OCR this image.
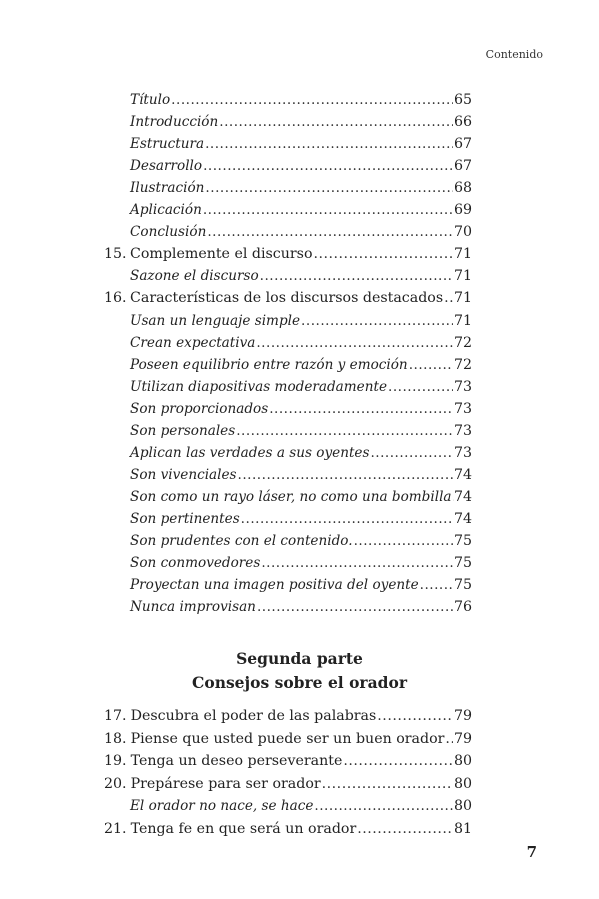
Contenido
Título .....	65
Introducción .....	66
Estructura .....	67
Desarrollo .....	67
Ilustración .....	68
Aplicación .....	69
Conclusión .....	70
15. Complemente el discurso .....	71
Sazone el discurso .....	71
16. Características de los discursos destacados ..... 71
Usan un lenguaje simple .....	71
Crean expectativa .....	72
Poseen equilibrio entre razón y emoción .....	72
Utilizan diapositivas moderadamente .....	73
Son proporcionados .....	73
Son personales .....	73
Aplican las verdades a sus oyentes .....	73
Son vivenciales .....	74
Son como un rayo láser, no como una bombilla ..... 74
Son pertinentes .....	74
Son prudentes con el contenido. .....	75
Son conmovedores .....	75
Proyectan una imagen positiva del oyente ..... 75
Nunca improvisan .....	76
Segunda parte
Consejos sobre el orador
17. Descubra el poder de las palabras .....	79
18. Piense que usted puede ser un buen orador ..... 79
19. Tenga un deseo perseverante .....	80
20. Prepárese para ser orador .....	80
El orador no nace, se hace .....	80
21. Tenga fe en que será un orador .....	81
7
